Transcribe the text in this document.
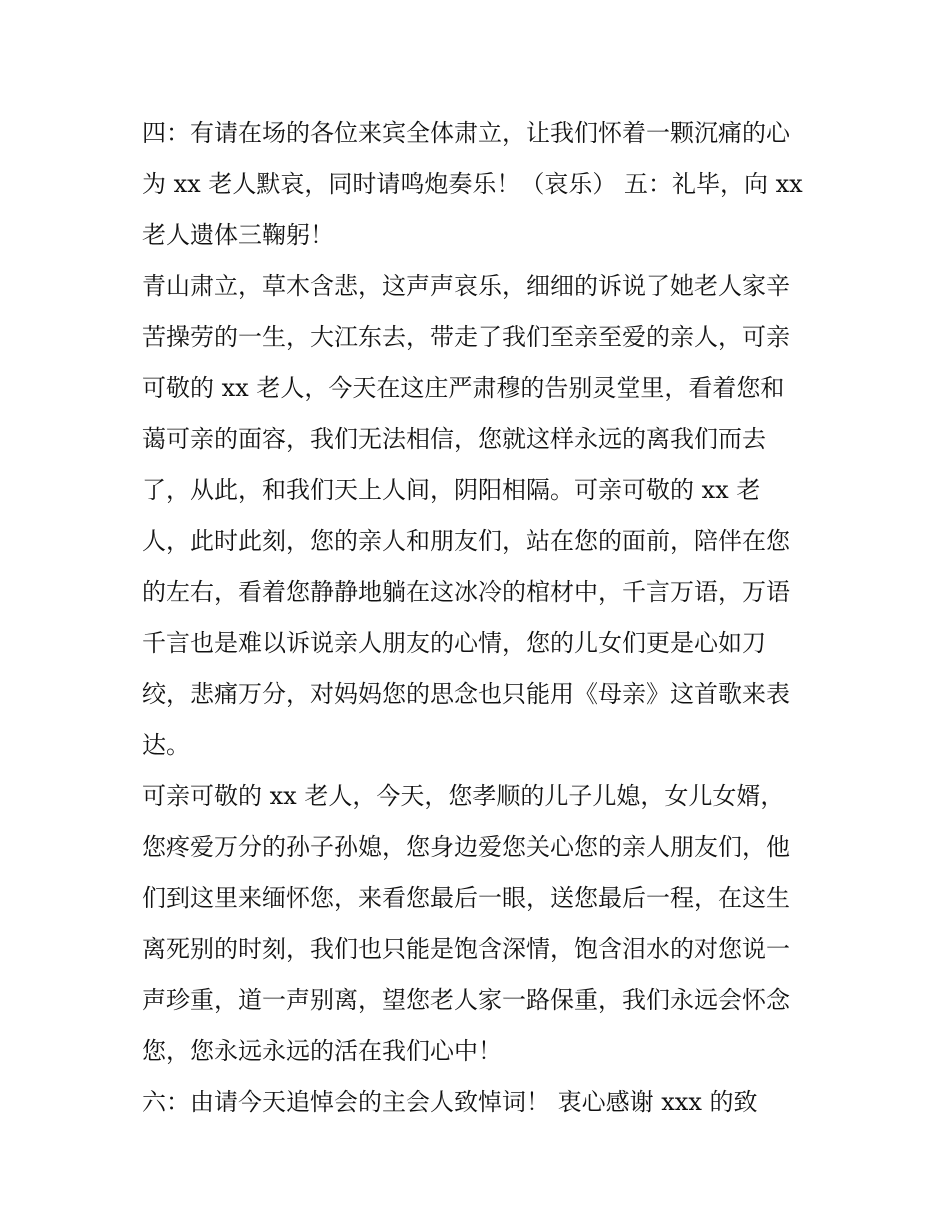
四：有请在场的各位来宾全体肃立，让我们怀着一颗沉痛的心
为 xx 老人默哀，同时请鸣炮奏乐！（哀乐） 五：礼毕，向 xx
老人遗体三鞠躬！
青山肃立，草木含悲，这声声哀乐，细细的诉说了她老人家辛
苦操劳的一生，大江东去，带走了我们至亲至爱的亲人，可亲
可敬的 xx 老人，今天在这庄严肃穆的告别灵堂里，看着您和
蔼可亲的面容，我们无法相信，您就这样永远的离我们而去
了，从此，和我们天上人间，阴阳相隔。可亲可敬的 xx 老
人，此时此刻，您的亲人和朋友们，站在您的面前，陪伴在您
的左右，看着您静静地躺在这冰冷的棺材中，千言万语，万语
千言也是难以诉说亲人朋友的心情，您的儿女们更是心如刀
绞，悲痛万分，对妈妈您的思念也只能用《母亲》这首歌来表
达。
可亲可敬的 xx 老人，今天，您孝顺的儿子儿媳，女儿女婿，
您疼爱万分的孙子孙媳，您身边爱您关心您的亲人朋友们，他
们到这里来缅怀您，来看您最后一眼，送您最后一程，在这生
离死别的时刻，我们也只能是饱含深情，饱含泪水的对您说一
声珍重，道一声别离，望您老人家一路保重，我们永远会怀念
您，您永远永远的活在我们心中！
六：由请今天追悼会的主会人致悼词！ 衷心感谢 xxx 的致
